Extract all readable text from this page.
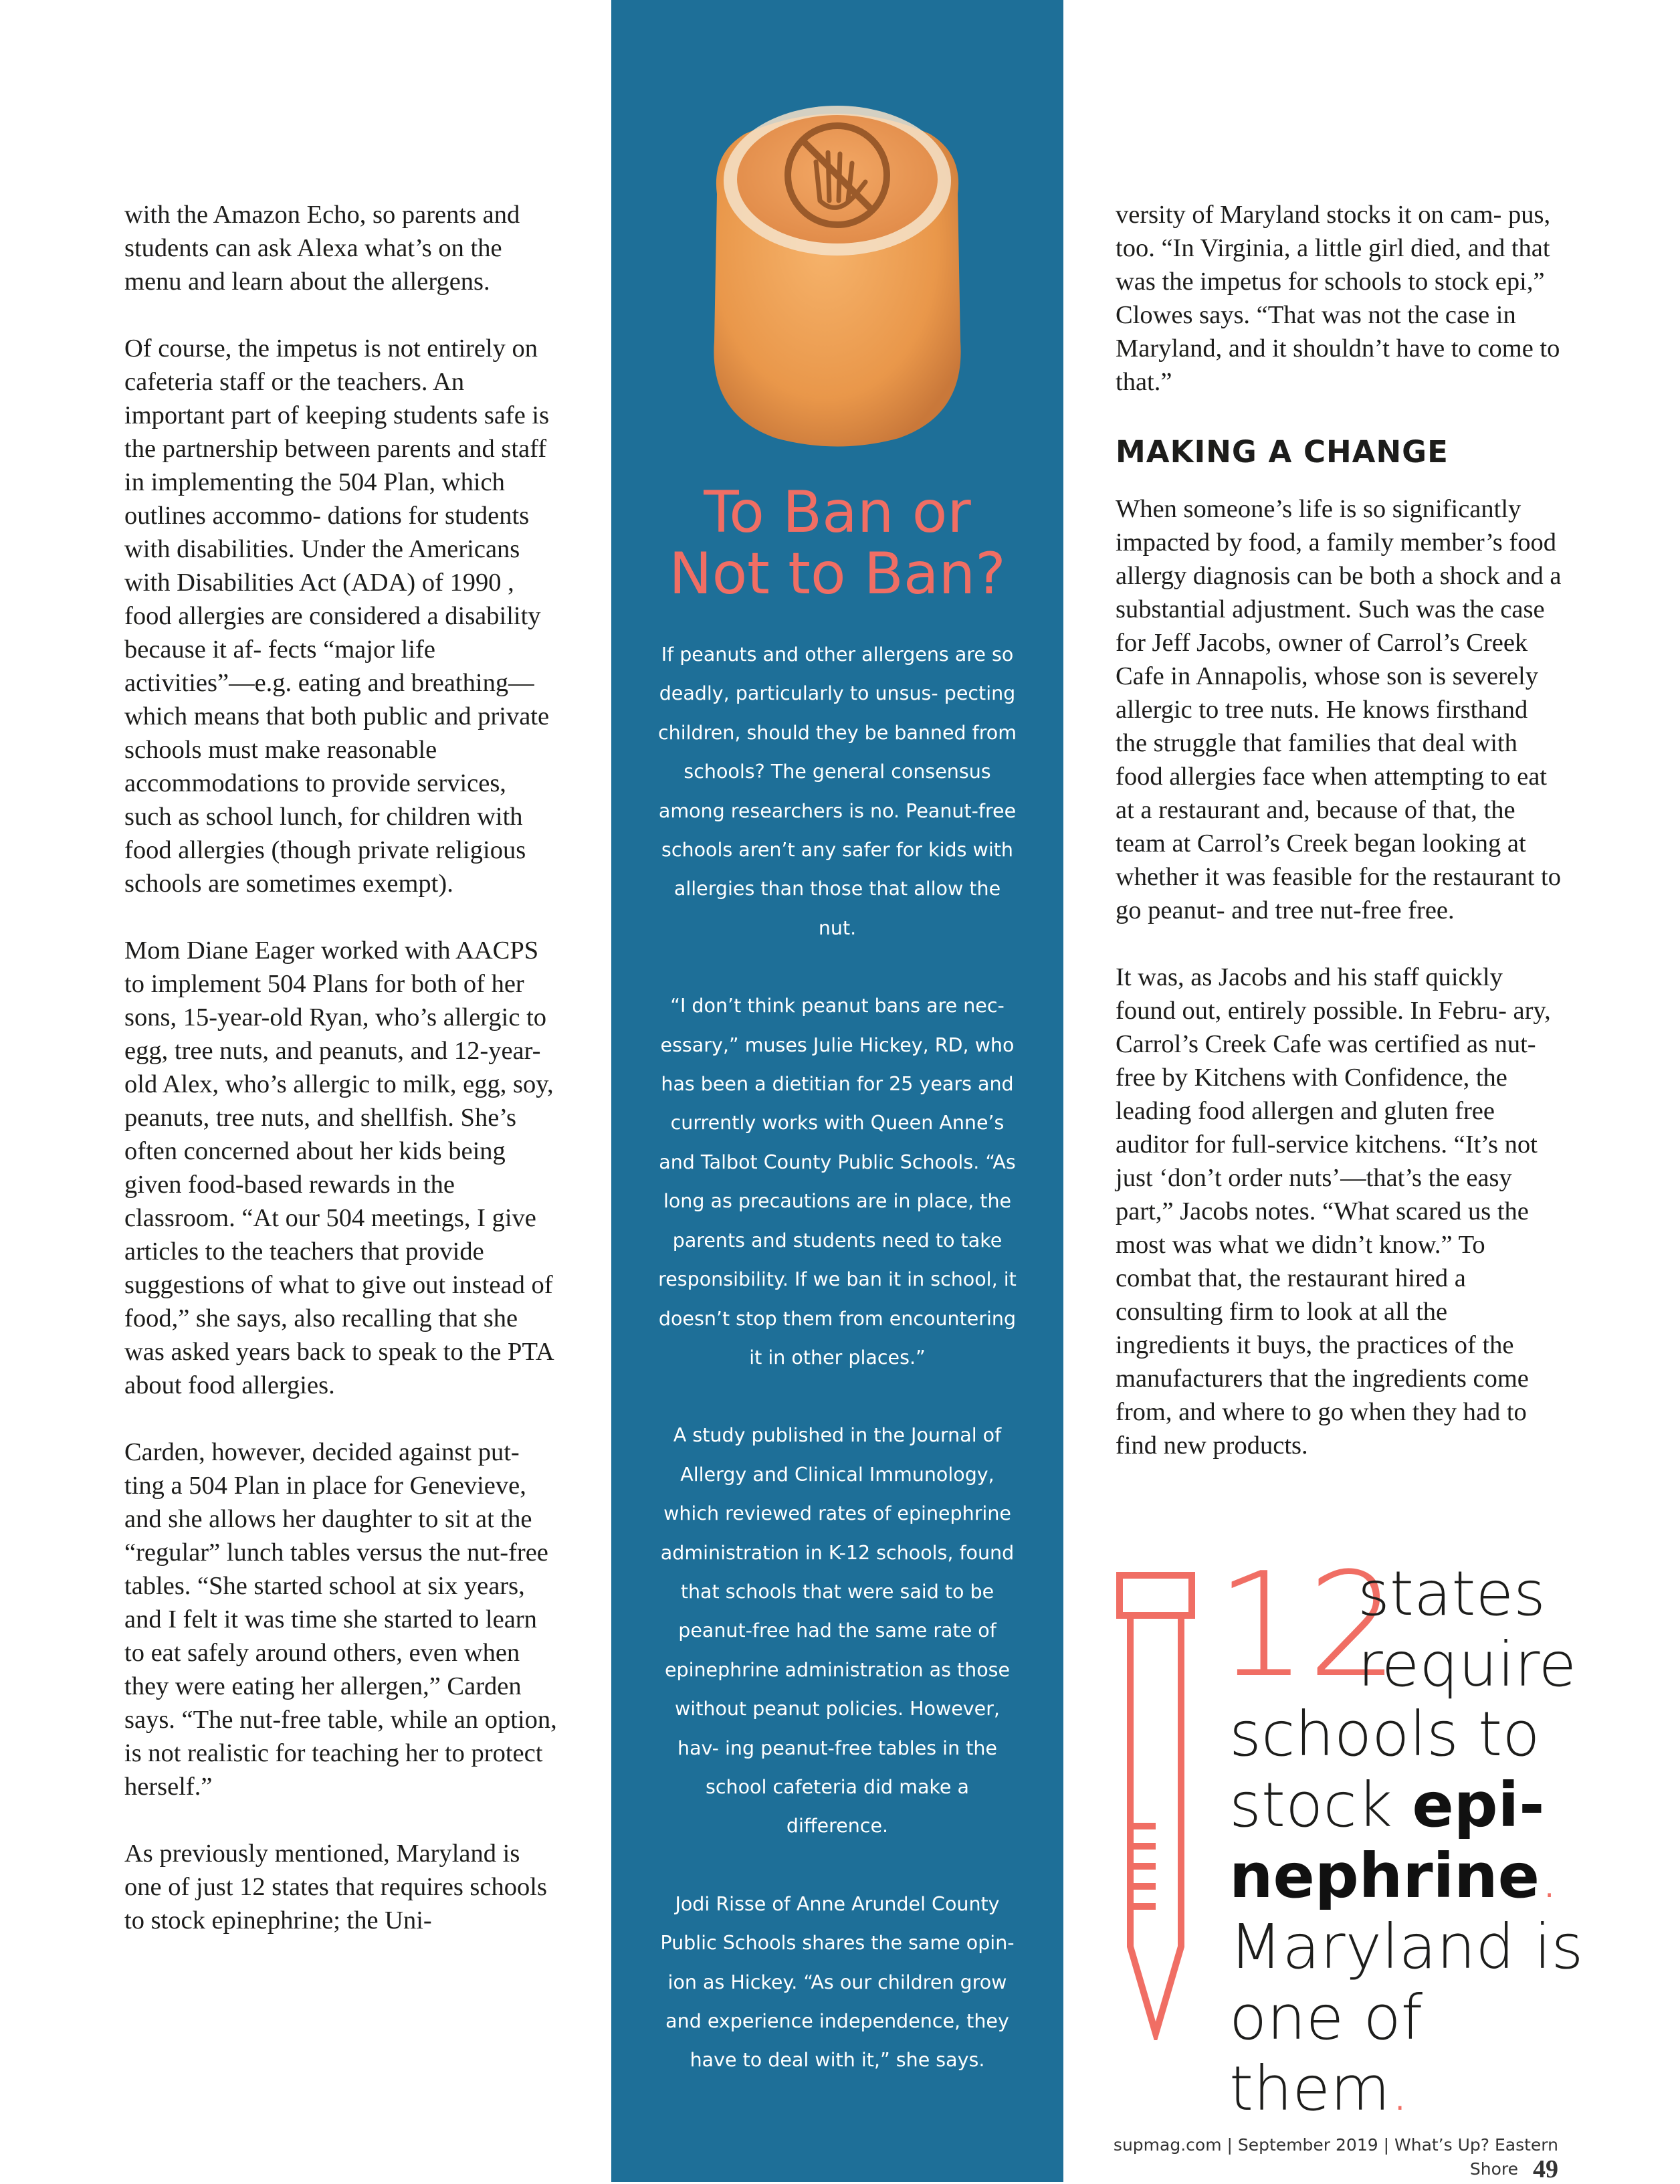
with the Amazon Echo, so parents and students can ask Alexa what’s on the menu and learn about the allergens.

Of course, the impetus is not entirely on cafeteria staff or the teachers. An important part of keeping students safe is the partnership between parents and staff in implementing the 504 Plan, which outlines accommo- dations for students with disabilities. Under the Americans with Disabilities Act (ADA) of 1990 , food allergies are considered a disability because it af- fects “major life activities”—e.g. eating and breathing—which means that both public and private schools must make reasonable accommodations to provide services, such as school lunch, for children with food allergies (though private religious schools are sometimes exempt).

Mom Diane Eager worked with AACPS to implement 504 Plans for both of her sons, 15-year-old Ryan, who’s allergic to egg, tree nuts, and peanuts, and 12-year-old Alex, who’s allergic to milk, egg, soy, peanuts, tree nuts, and shellfish. She’s often concerned about her kids being given food-based rewards in the classroom. “At our 504 meetings, I give articles to the teachers that provide suggestions of what to give out instead of food,” she says, also recalling that she was asked years back to speak to the PTA about food allergies.

Carden, however, decided against put- ting a 504 Plan in place for Genevieve, and she allows her daughter to sit at the “regular” lunch tables versus the nut-free tables. “She started school at six years, and I felt it was time she started to learn to eat safely around others, even when they were eating her allergen,” Carden says. “The nut-free table, while an option, is not realistic for teaching her to protect herself.”

As previously mentioned, Maryland is one of just 12 states that requires schools to stock epinephrine; the Uni-

To Ban or
Not to Ban?

If peanuts and other allergens are so deadly, particularly to unsus- pecting children, should they be banned from schools? The general consensus among researchers is no. Peanut-free schools aren’t any safer for kids with allergies than those that allow the nut.

“I don’t think peanut bans are nec- essary,” muses Julie Hickey, RD, who has been a dietitian for 25 years and currently works with Queen Anne’s and Talbot County Public Schools. “As long as precautions are in place, the parents and students need to take responsibility. If we ban it in school, it doesn’t stop them from encountering it in other places.”

A study published in the Journal of Allergy and Clinical Immunology, which reviewed rates of epinephrine administration in K-12 schools, found that schools that were said to be peanut-free had the same rate of epinephrine administration as those without peanut policies. However, hav- ing peanut-free tables in the school cafeteria did make a difference.

Jodi Risse of Anne Arundel County Public Schools shares the same opin- ion as Hickey. “As our children grow and experience independence, they have to deal with it,” she says.

versity of Maryland stocks it on cam- pus, too. “In Virginia, a little girl died, and that was the impetus for schools to stock epi,” Clowes says. “That was not the case in Maryland, and it shouldn’t have to come to that.”

MAKING A CHANGE

When someone’s life is so significantly impacted by food, a family member’s food allergy diagnosis can be both a shock and a substantial adjustment. Such was the case for Jeff Jacobs, owner of Carrol’s Creek Cafe in Annapolis, whose son is severely allergic to tree nuts. He knows firsthand the struggle that families that deal with food allergies face when attempting to eat at a restaurant and, because of that, the team at Carrol’s Creek began looking at whether it was feasible for the restaurant to go peanut- and tree nut-free free.

It was, as Jacobs and his staff quickly found out, entirely possible. In Febru- ary, Carrol’s Creek Cafe was certified as nut-free by Kitchens with Confidence, the leading food allergen and gluten free auditor for full-service kitchens. “It’s not just ‘don’t order nuts’—that’s the easy part,” Jacobs notes. “What scared us the most was what we didn’t know.” To combat that, the restaurant hired a consulting firm to look at all the ingredients it buys, the practices of the manufacturers that the ingredients come from, and where to go when they had to find new products.

12
states
require
schools to
stock epi-
nephrine.
Maryland is
one of them.
supmag.com | September 2019 | What’s Up? Eastern Shore 49
